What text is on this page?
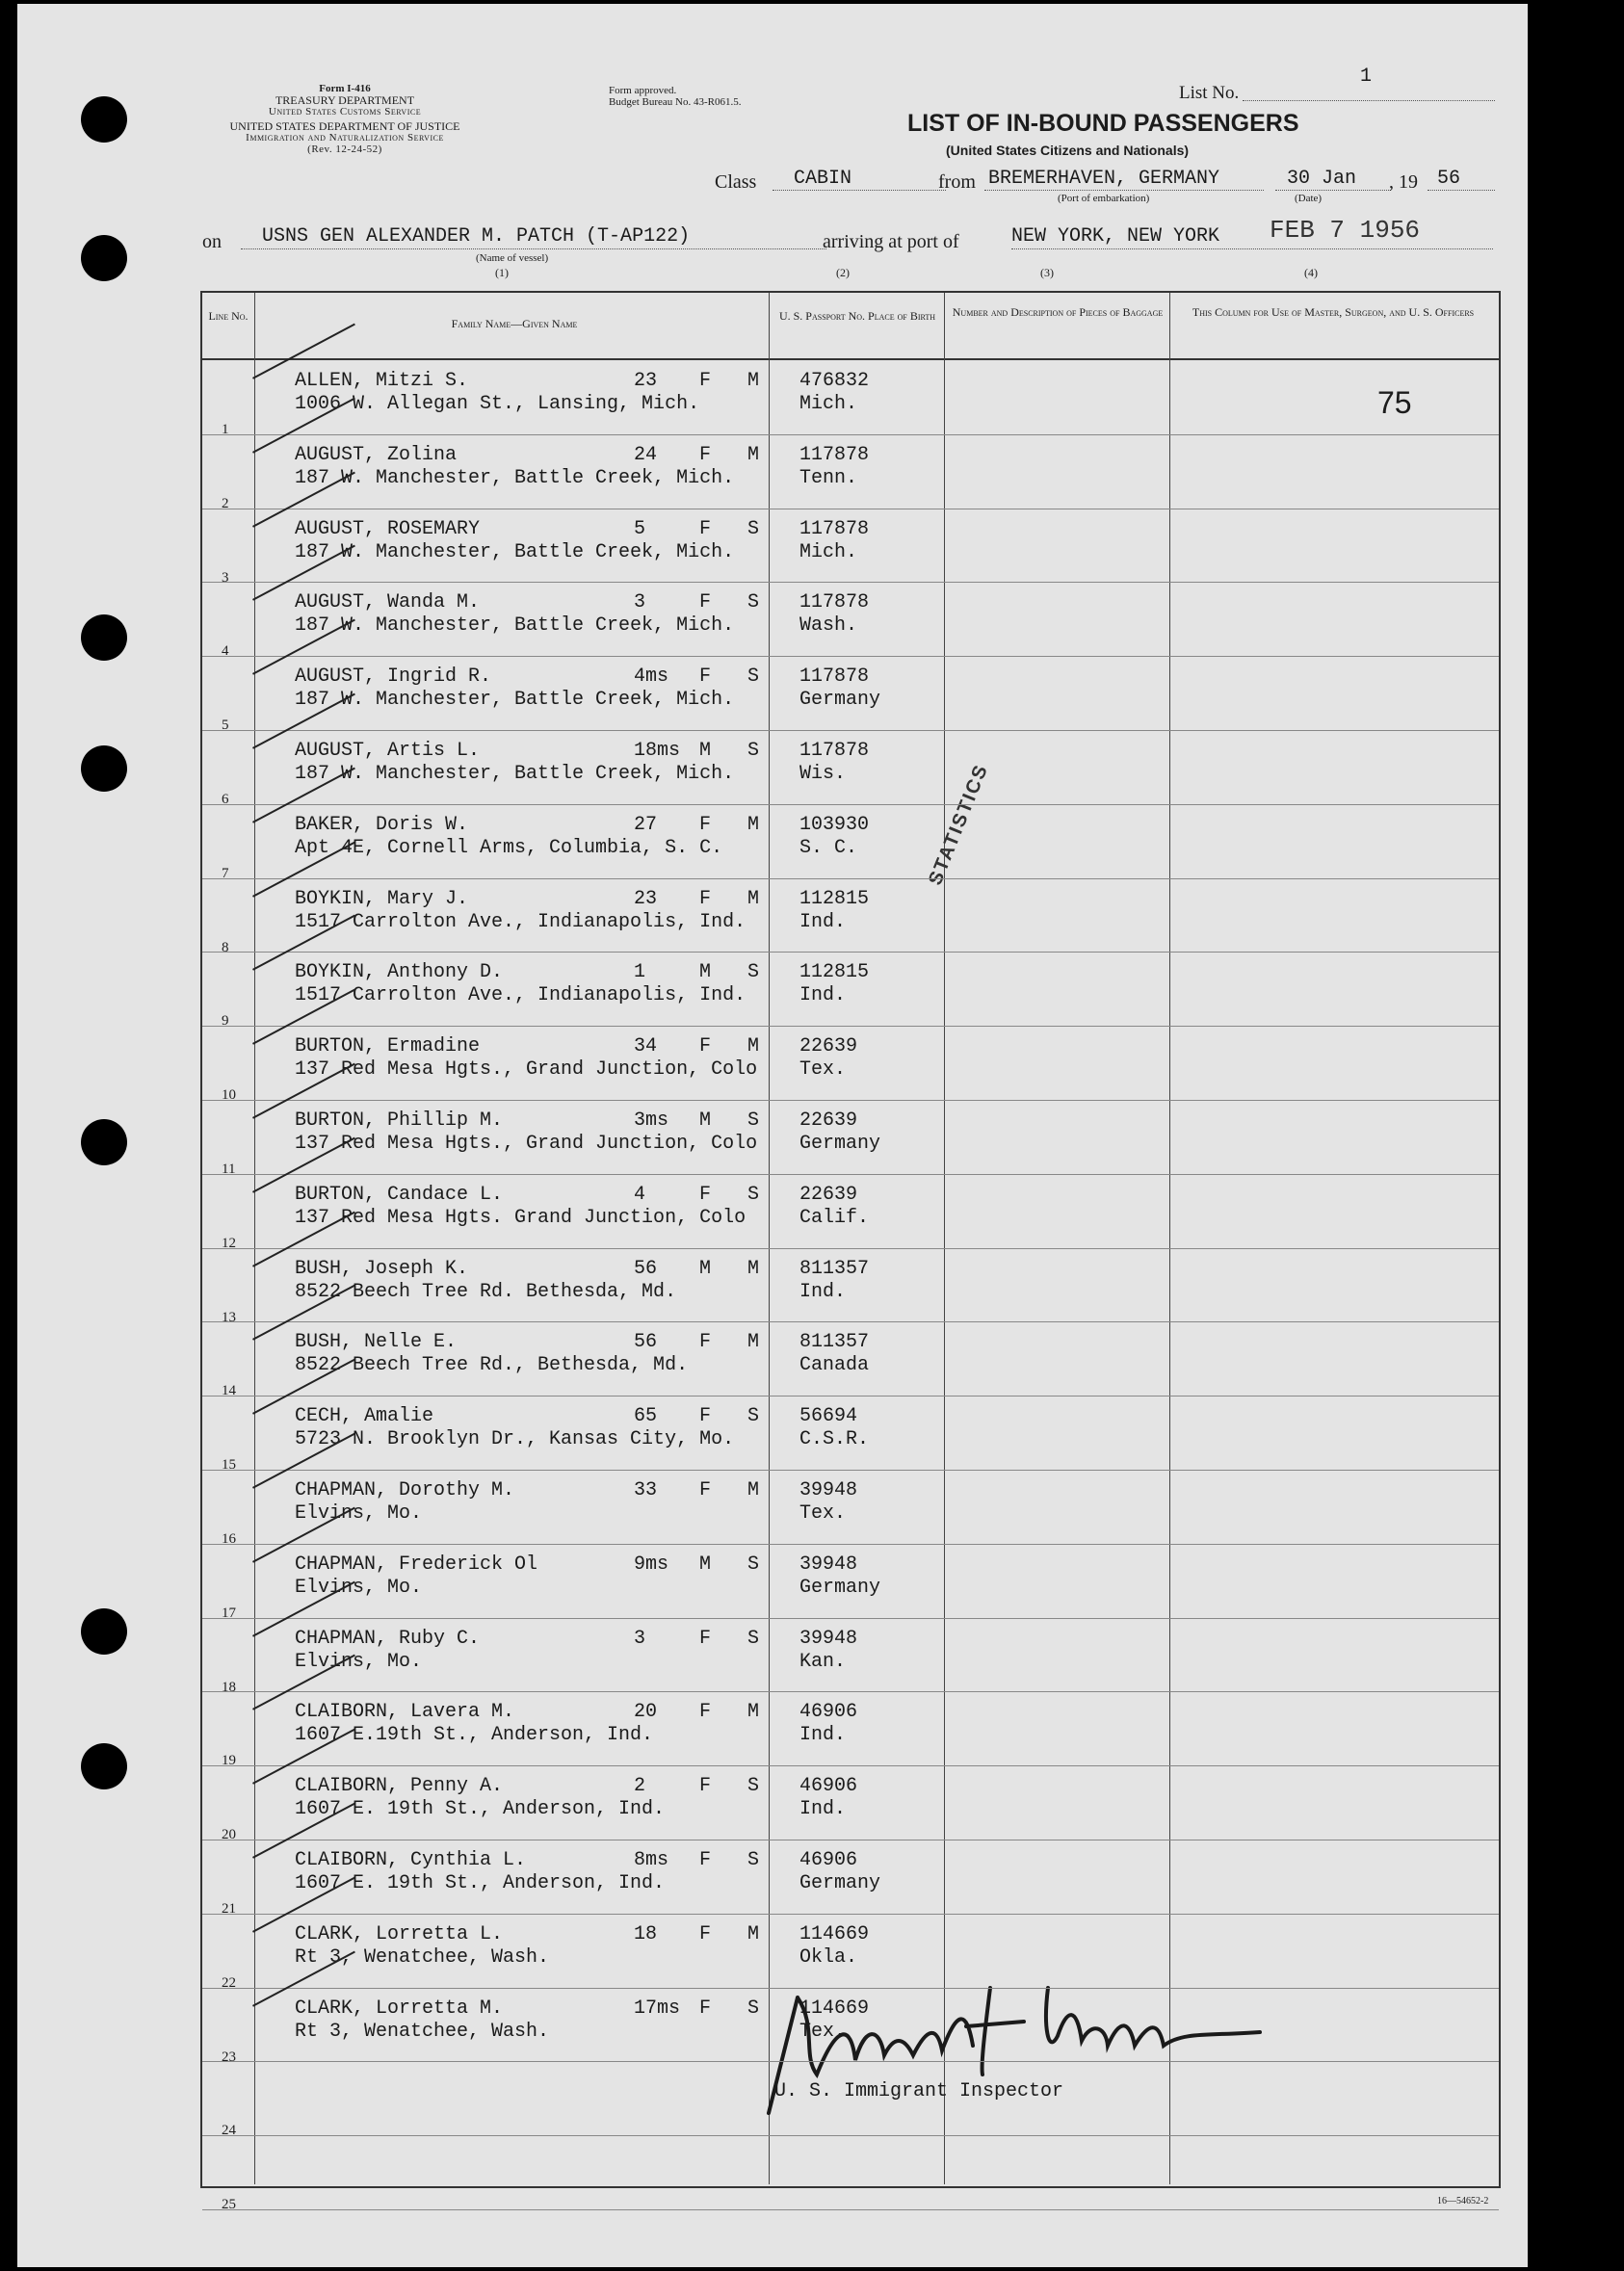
Form I-416
TREASURY DEPARTMENT
United States Customs Service
UNITED STATES DEPARTMENT OF JUSTICE
Immigration and Naturalization Service
(Rev. 12-24-52)
Form approved.
Budget Bureau No. 43-R061.5.	List No.
1
LIST OF IN-BOUND PASSENGERS
(United States Citizens and Nationals)
Class CABIN	from BREMERHAVEN, GERMANY
(Port of embarkation)
30 Jan , 19 56
(Date)
on USNS GEN ALEXANDER M. PATCH (T-AP122)
(Name of vessel)
arriving at port of	NEW YORK, NEW YORK FEB 7 1956
(1)	(2)	(3)	(4)
Line No.
Family Name—Given Name
U. S. Passport No. Place of Birth	Number and Description of Pieces of Baggage	This Column for Use of Master, Surgeon, and U. S. Officers
75
STATISTICS
U. S. Immigrant Inspector
16—54652-2
1
ALLEN, Mitzi S.	23 F M
1006 W. Allegan St., Lansing, Mich.
476832
Mich.
2
AUGUST, Zolina	24 F M
187 W. Manchester, Battle Creek, Mich.
117878
Tenn.
3
AUGUST, ROSEMARY	5	F S
187 W. Manchester, Battle Creek, Mich.
117878
Mich.
4
AUGUST, Wanda M.	3	F S
187 W. Manchester, Battle Creek, Mich.
117878
Wash.
5
AUGUST, Ingrid R.	4ms F S
187 W. Manchester, Battle Creek, Mich.
117878
Germany
6
AUGUST, Artis L.	18ms M S
187 W. Manchester, Battle Creek, Mich.
117878
Wis.
7
BAKER, Doris W.	27 F M
Apt 4E, Cornell Arms, Columbia, S. C.
103930
S. C.
8
BOYKIN, Mary J.	23 F M
1517 Carrolton Ave., Indianapolis, Ind.
112815
Ind.
9
BOYKIN, Anthony D.	1	M S
1517 Carrolton Ave., Indianapolis, Ind.
112815
Ind.
10
BURTON, Ermadine	34 F M
137 Red Mesa Hgts., Grand Junction, Colo
22639
Tex.
11
BURTON, Phillip M.	3ms M S
137 Red Mesa Hgts., Grand Junction, Colo
22639
Germany
12
BURTON, Candace L.	4	F S
137 Red Mesa Hgts. Grand Junction, Colo
22639
Calif.
13
BUSH, Joseph K.	56 M M
8522 Beech Tree Rd. Bethesda, Md.
811357
Ind.
14
BUSH, Nelle E.	56 F M
8522 Beech Tree Rd., Bethesda, Md.
811357
Canada
15
CECH, Amalie	65 F S
5723 N. Brooklyn Dr., Kansas City, Mo.
56694
C.S.R.
16
CHAPMAN, Dorothy M.	33 F M
Elvins, Mo.
39948
Tex.
17
CHAPMAN, Frederick Ol	9ms M S
Elvins, Mo.
39948
Germany
18
CHAPMAN, Ruby C.	3	F S
Elvins, Mo.
39948
Kan.
19
CLAIBORN, Lavera M.	20 F M
1607 E.19th St., Anderson, Ind.
46906
Ind.
20
CLAIBORN, Penny A.	2	F S
1607 E. 19th St., Anderson, Ind.
46906
Ind.
21
CLAIBORN, Cynthia L.	8ms F S
1607 E. 19th St., Anderson, Ind.
46906
Germany
22
CLARK, Lorretta L.	18 F M
Rt 3, Wenatchee, Wash.
114669
Okla.
23
CLARK, Lorretta M.	17ms F S
Rt 3, Wenatchee, Wash.
114669
Tex.
24
25
